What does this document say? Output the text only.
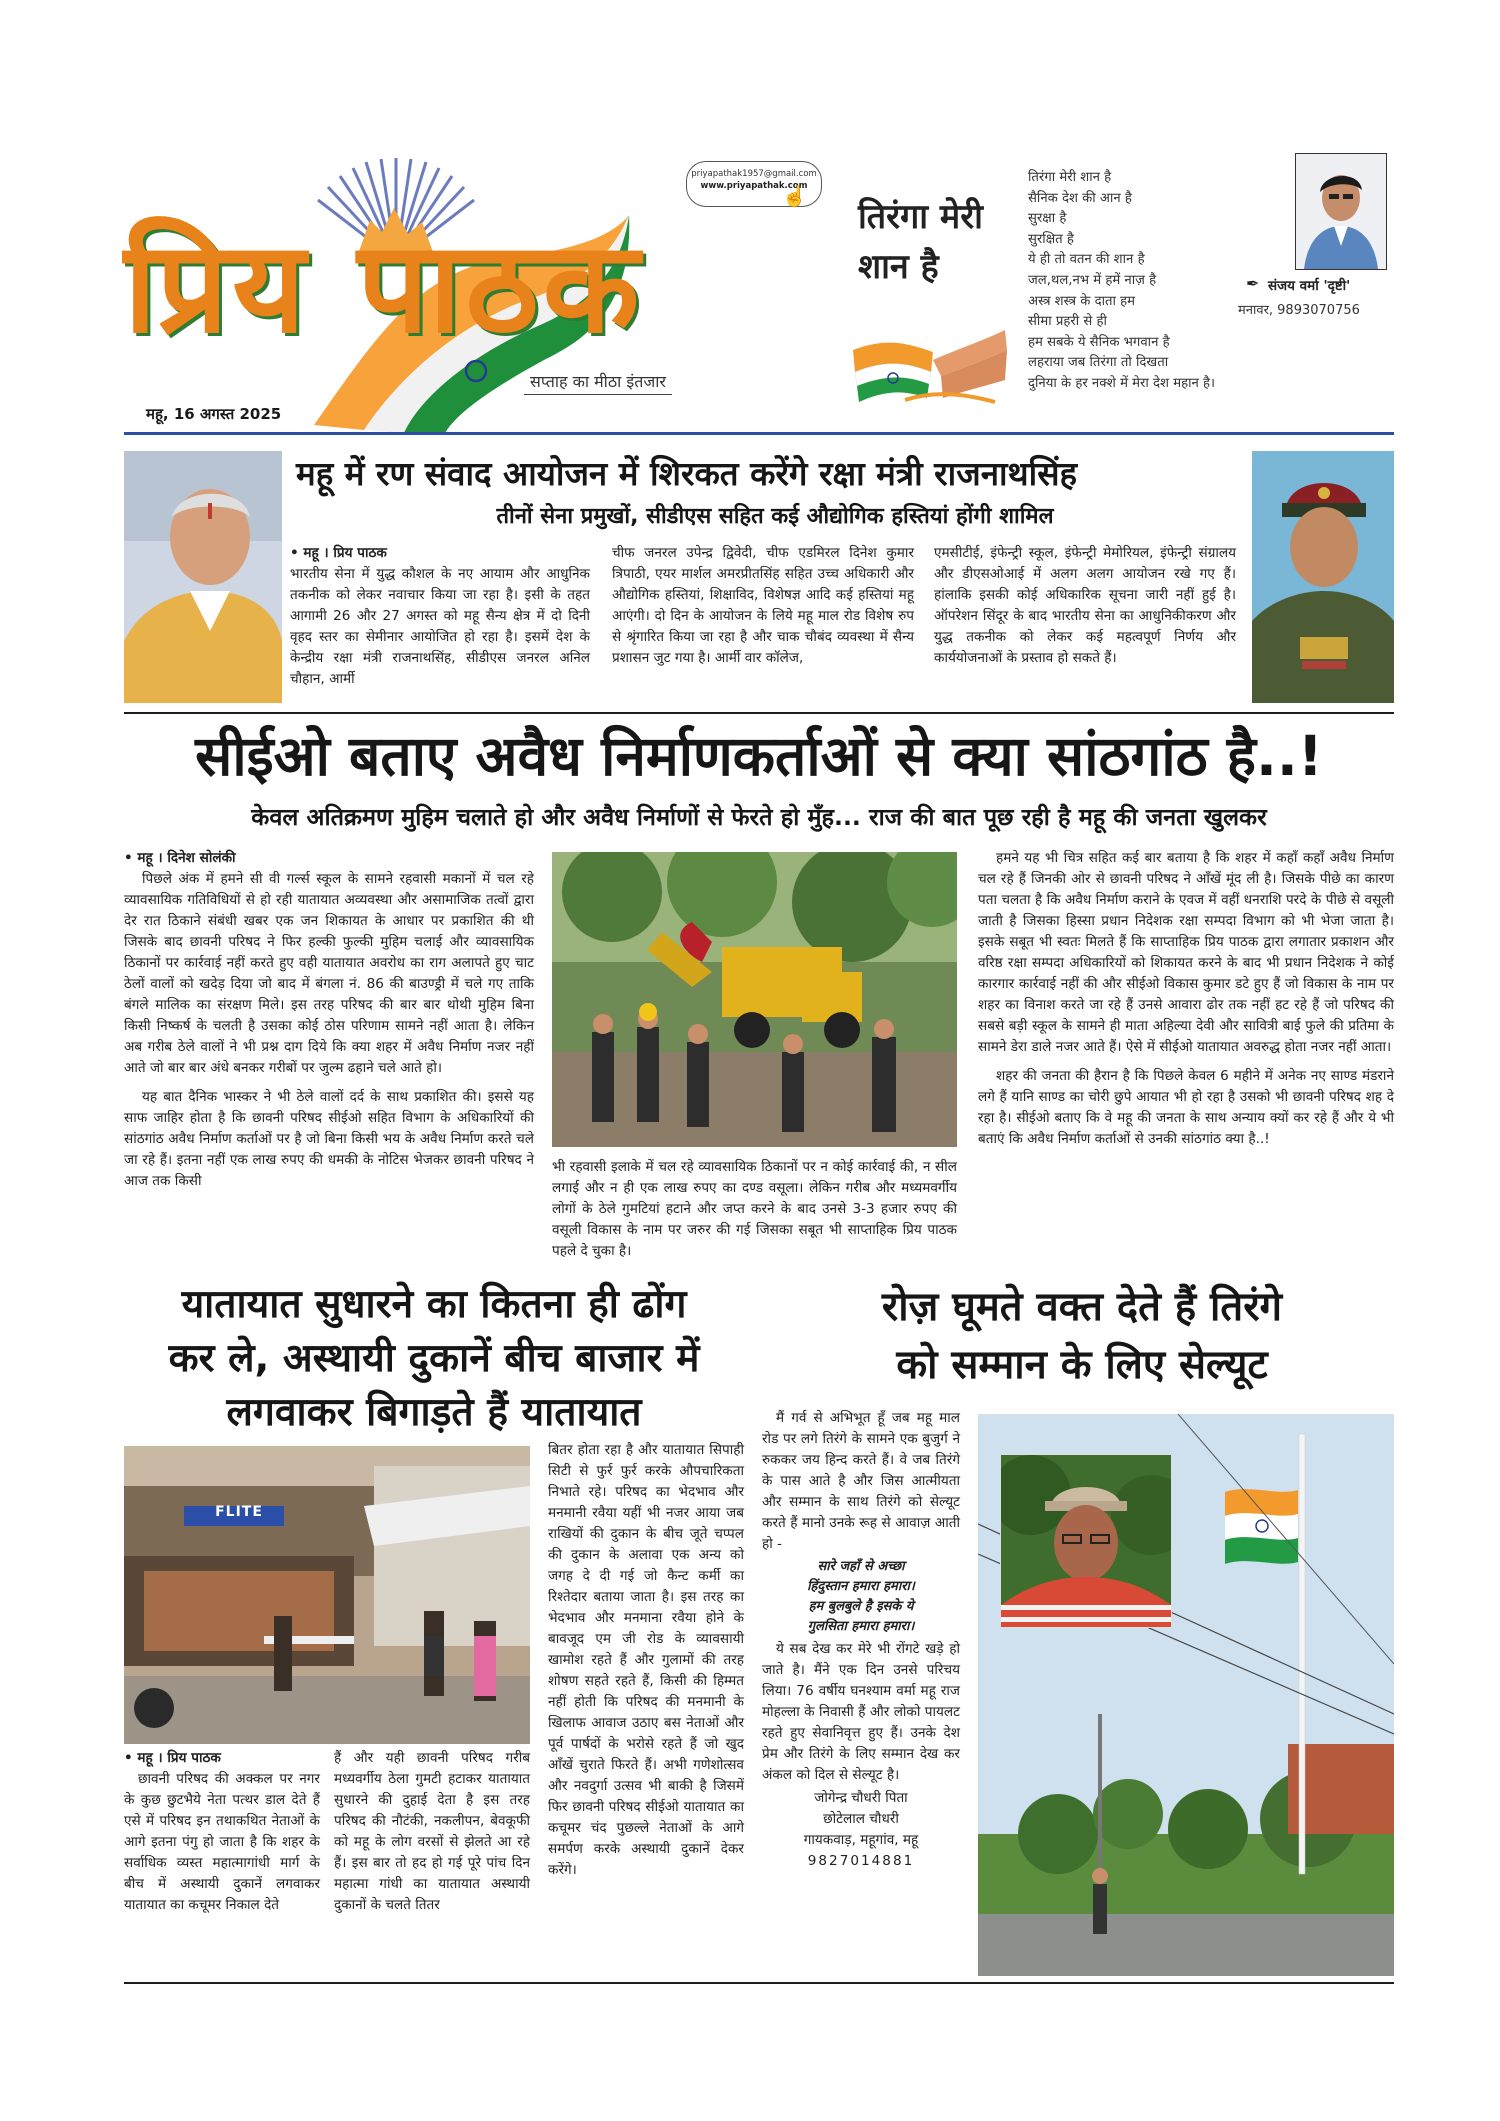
प्रिय पाठक
सप्ताह का मीठा इंतजार
महू, 16 अगस्त 2025
priyapathak1957@gmail.com
www.priyapathak.com
☝
तिरंगा मेरी शान है
तिरंगा मेरी शान है
सैनिक देश की आन है
सुरक्षा है
सुरक्षित है
ये ही तो वतन की शान है
जल,थल,नभ में हमें नाज़ है
अस्त्र शस्त्र के दाता हम
सीमा प्रहरी से ही
हम सबके ये सैनिक भगवान है
लहराया जब तिरंगा तो दिखता
दुनिया के हर नक्शे में मेरा देश महान है।
✒ संजय वर्मा 'दृष्टी'
मनावर, 9893070756
महू में रण संवाद आयोजन में शिरकत करेंगे रक्षा मंत्री राजनाथसिंह
तीनों सेना प्रमुखों, सीडीएस सहित कई औद्योगिक हस्तियां होंगी शामिल
• महू । प्रिय पाठक
भारतीय सेना में युद्ध कौशल के नए आयाम और आधुनिक तकनीक को लेकर नवाचार किया जा रहा है। इसी के तहत आगामी 26 और 27 अगस्त को महू सैन्य क्षेत्र में दो दिनी वृहद स्तर का सेमीनार आयोजित हो रहा है। इसमें देश के केन्द्रीय रक्षा मंत्री राजनाथसिंह, सीडीएस जनरल अनिल चौहान, आर्मी
चीफ जनरल उपेन्द्र द्विवेदी, चीफ एडमिरल दिनेश कुमार त्रिपाठी, एयर मार्शल अमरप्रीतसिंह सहित उच्च अधिकारी और औद्योगिक हस्तियां, शिक्षाविद, विशेषज्ञ आदि कई हस्तियां महू आएंगी। दो दिन के आयोजन के लिये महू माल रोड विशेष रुप से श्रृंगारित किया जा रहा है और चाक चौबंद व्यवस्था में सैन्य प्रशासन जुट गया है। आर्मी वार कॉलेज,
एमसीटीई, इंफेन्ट्री स्कूल, इंफेन्ट्री मेमोरियल, इंफेन्ट्री संग्रालय और डीएसओआई में अलग अलग आयोजन रखे गए हैं। हांलाकि इसकी कोई अधिकारिक सूचना जारी नहीं हुई है। ऑपरेशन सिंदूर के बाद भारतीय सेना का आधुनिकीकरण और युद्ध तकनीक को लेकर कई महत्वपूर्ण निर्णय और कार्ययोजनाओं के प्रस्ताव हो सकते हैं।
सीईओ बताए अवैध निर्माणकर्ताओं से क्या सांठगांठ है..!
केवल अतिक्रमण मुहिम चलाते हो और अवैध निर्माणों से फेरते हो मुँह... राज की बात पूछ रही है महू की जनता खुलकर
• महू । दिनेश सोलंकी

पिछले अंक में हमने सी वी गर्ल्स स्कूल के सामने रहवासी मकानों में चल रहे व्यावसायिक गतिविधियों से हो रही यातायात अव्यवस्था और असामाजिक तत्वों द्वारा देर रात ठिकाने संबंधी खबर एक जन शिकायत के आधार पर प्रकाशित की थी जिसके बाद छावनी परिषद ने फिर हल्की फुल्की मुहिम चलाई और व्यावसायिक ठिकानों पर कार्रवाई नहीं करते हुए वही यातायात अवरोध का राग अलापते हुए चाट ठेलों वालों को खदेड़ दिया जो बाद में बंगला नं. 86 की बाउण्ड्री में चले गए ताकि बंगले मालिक का संरक्षण मिले। इस तरह परिषद की बार बार थोथी मुहिम बिना किसी निष्कर्ष के चलती है उसका कोई ठोस परिणाम सामने नहीं आता है। लेकिन अब गरीब ठेले वालों ने भी प्रश्न दाग दिये कि क्या शहर में अवैध निर्माण नजर नहीं आते जो बार बार अंधे बनकर गरीबों पर जुल्म ढहाने चले आते हो।
यह बात दैनिक भास्कर ने भी ठेले वालों दर्द के साथ प्रकाशित की। इससे यह साफ जाहिर होता है कि छावनी परिषद सीईओ सहित विभाग के अधिकारियों की सांठगांठ अवैध निर्माण कर्ताओं पर है जो बिना किसी भय के अवैध निर्माण करते चले जा रहे हैं। इतना नहीं एक लाख रुपए की धमकी के नोटिस भेजकर छावनी परिषद ने आज तक किसी
भी रहवासी इलाके में चल रहे व्यावसायिक ठिकानों पर न कोई कार्रवाई की, न सील लगाई और न ही एक लाख रुपए का दण्ड वसूला। लेकिन गरीब और मध्यमवर्गीय लोगों के ठेले गुमटियां हटाने और जप्त करने के बाद उनसे 3-3 हजार रुपए की वसूली विकास के नाम पर जरुर की गई जिसका सबूत भी साप्ताहिक प्रिय पाठक पहले दे चुका है।
हमने यह भी चित्र सहित कई बार बताया है कि शहर में कहाँ कहाँ अवैध निर्माण चल रहे हैं जिनकी ओर से छावनी परिषद ने आँखें मूंद ली है। जिसके पीछे का कारण पता चलता है कि अवैध निर्माण कराने के एवज में वहीं धनराशि परदे के पीछे से वसूली जाती है जिसका हिस्सा प्रधान निदेशक रक्षा सम्पदा विभाग को भी भेजा जाता है। इसके सबूत भी स्वतः मिलते हैं कि साप्ताहिक प्रिय पाठक द्वारा लगातार प्रकाशन और वरिष्ठ रक्षा सम्पदा अधिकारियों को शिकायत करने के बाद भी प्रधान निदेशक ने कोई कारगार कार्रवाई नहीं की और सीईओ विकास कुमार डटे हुए हैं जो विकास के नाम पर शहर का विनाश करते जा रहे हैं उनसे आवारा ढोर तक नहीं हट रहे हैं जो परिषद की सबसे बड़ी स्कूल के सामने ही माता अहिल्या देवी और सावित्री बाई फुले की प्रतिमा के सामने डेरा डाले नजर आते हैं। ऐसे में सीईओ यातायात अवरुद्ध होता नजर नहीं आता।
शहर की जनता की हैरान है कि पिछले केवल 6 महीने में अनेक नए साण्ड मंडराने लगे हैं यानि साण्ड का चोरी छुपे आयात भी हो रहा है उसको भी छावनी परिषद शह दे रहा है। सीईओ बताए कि वे महू की जनता के साथ अन्याय क्यों कर रहे हैं और ये भी बताएं कि अवैध निर्माण कर्ताओं से उनकी सांठगांठ क्या है..!
यातायात सुधारने का कितना ही ढोंग
कर ले, अस्थायी दुकानें बीच बाजार में
लगवाकर बिगाड़ते हैं यातायात
FLITE
• महू । प्रिय पाठक

छावनी परिषद की अक्कल पर नगर के कुछ छुटभैये नेता पत्थर डाल देते हैं एसे में परिषद इन तथाकथित नेताओं के आगे इतना पंगु हो जाता है कि शहर के सर्वाधिक व्यस्त महात्मागांधी मार्ग के बीच में अस्थायी दुकानें लगवाकर यातायात का कचूमर निकाल देते
हैं और यही छावनी परिषद गरीब मध्यवर्गीय ठेला गुमटी हटाकर यातायात सुधारने की दुहाई देता है इस तरह परिषद की नौटंकी, नकलीपन, बेवकूफी को महू के लोग वरसों से झेलते आ रहे हैं। इस बार तो हद हो गई पूरे पांच दिन महात्मा गांधी का यातायात अस्थायी दुकानों के चलते तितर
बितर होता रहा है और यातायात सिपाही सिटी से फुर्र फुर्र करके औपचारिकता निभाते रहे। परिषद का भेदभाव और मनमानी रवैया यहीं भी नजर आया जब राखियों की दुकान के बीच जूते चप्पल की दुकान के अलावा एक अन्य को जगह दे दी गई जो कैन्ट कर्मी का रिश्तेदार बताया जाता है। इस तरह का भेदभाव और मनमाना रवैया होने के बावजूद एम जी रोड के व्यावसायी खामोश रहते हैं और गुलामों की तरह शोषण सहते रहते हैं, किसी की हिम्मत नहीं होती कि परिषद की मनमानी के खिलाफ आवाज उठाए बस नेताओं और पूर्व पार्षदों के भरोसे रहते हैं जो खुद आँखें चुराते फिरते हैं। अभी गणेशोत्सव और नवदुर्गा उत्सव भी बाकी है जिसमें फिर छावनी परिषद सीईओ यातायात का कचूमर चंद पुछल्ले नेताओं के आगे समर्पण करके अस्थायी दुकानें देकर करेंगे।
रोज़ घूमते वक्त देते हैं तिरंगे
को सम्मान के लिए सेल्यूट
मैं गर्व से अभिभूत हूँ जब महू माल रोड पर लगे तिरंगे के सामने एक बुजुर्ग ने रुककर जय हिन्द करते हैं। वे जब तिरंगे के पास आते है और जिस आत्मीयता और सम्मान के साथ तिरंगे को सेल्यूट करते हैं मानो उनके रूह से आवाज़ आती हो -
सारे जहाँ से अच्छा
हिंदुस्तान हमारा हमारा।
हम बुलबुले है इसके ये
गुलसिता हमारा हमारा।
ये सब देख कर मेरे भी रोंगटे खड़े हो जाते है। मैंने एक दिन उनसे परिचय लिया। 76 वर्षीय घनश्याम वर्मा महू राज मोहल्ला के निवासी हैं और लोको पायलट रहते हुए सेवानिवृत्त हुए हैं। उनके देश प्रेम और तिरंगे के लिए सम्मान देख कर अंकल को दिल से सेल्यूट है।
जोगेन्द्र चौधरी पिता
छोटेलाल चौधरी
गायकवाड़, महूगांव, महू
9827014881
